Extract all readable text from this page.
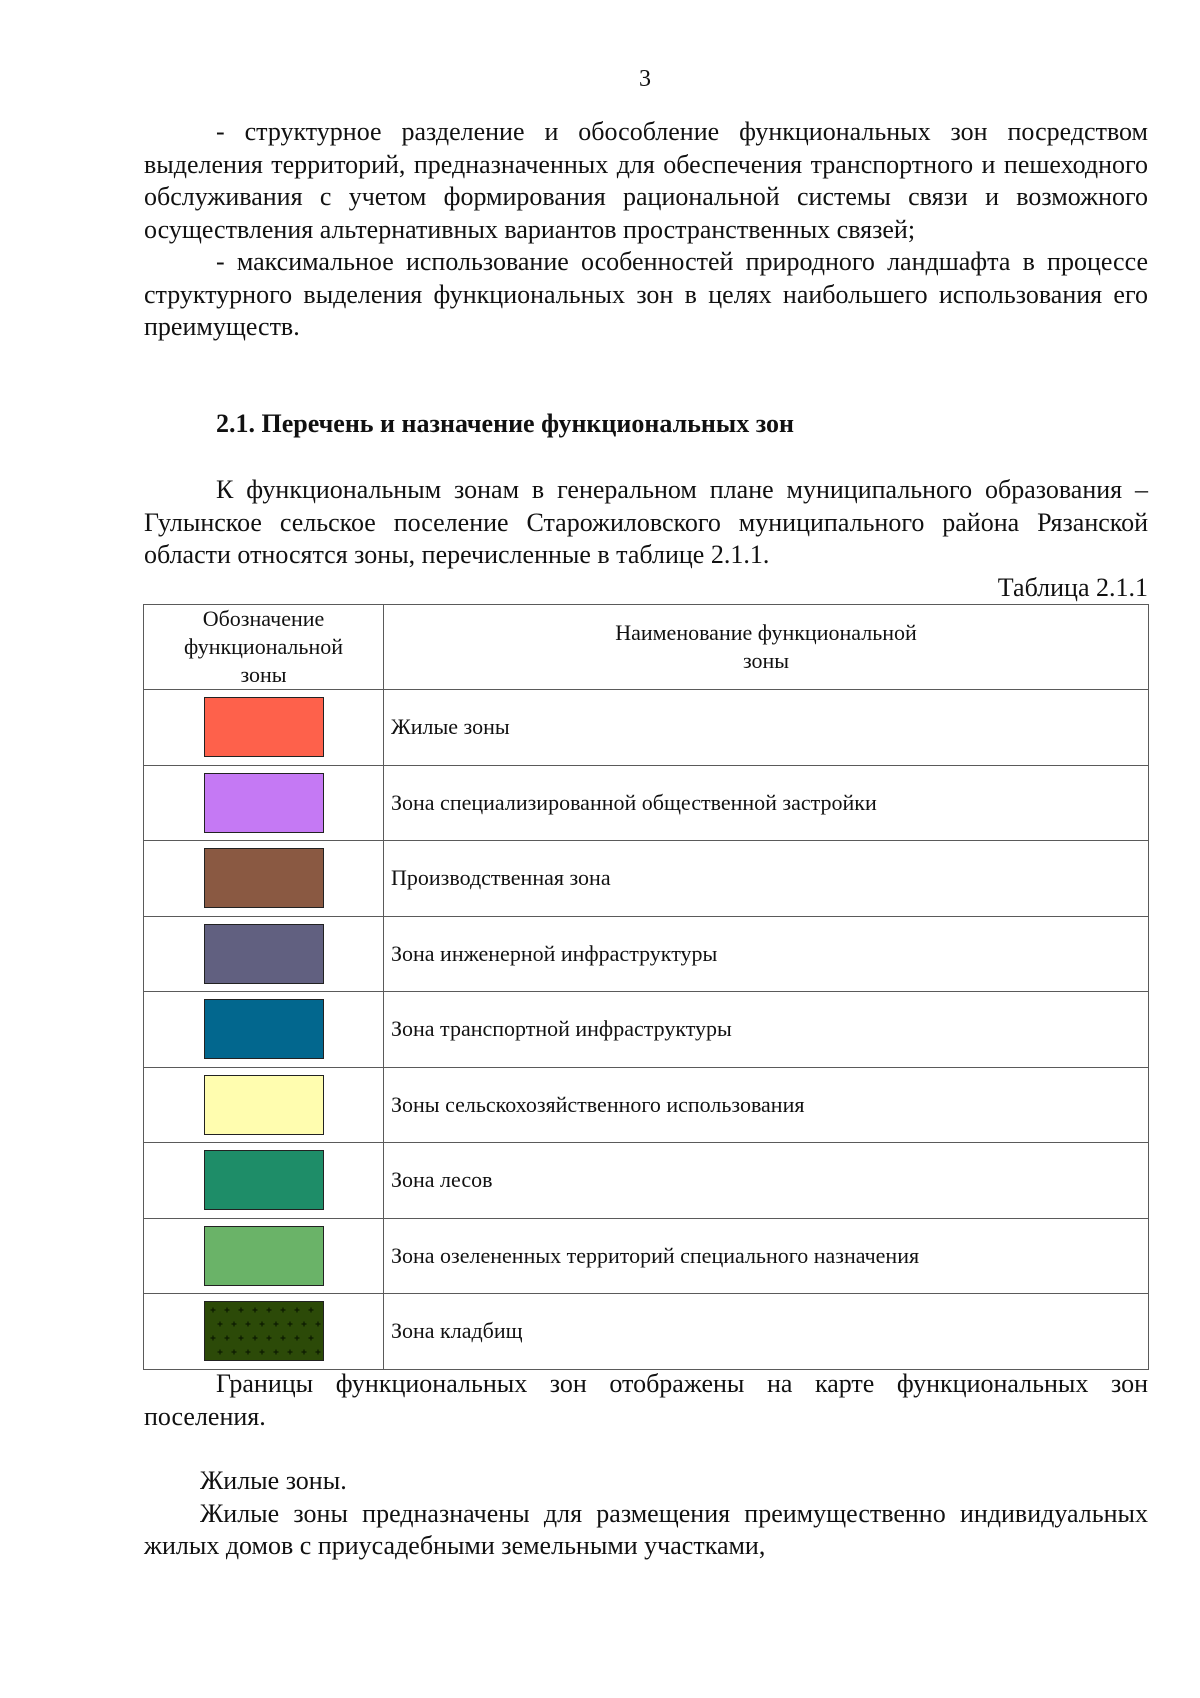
3

- структурное разделение и обособление функциональных зон посредством выделения территорий, предназначенных для обеспечения транспортного и пешеходного обслуживания с учетом формирования рациональной системы связи и возможного осуществления альтернативных вариантов пространственных связей;

- максимальное использование особенностей природного ландшафта в процессе структурного выделения функциональных зон в целях наибольшего использования его преимуществ.

2.1. Перечень и назначение функциональных зон

К функциональным зонам в генеральном плане муниципального образования – Гулынское сельское поселение Старожиловского муниципального района Рязанской области относятся зоны, перечисленные в таблице 2.1.1.

Таблица 2.1.1
Обозначение функциональной зоны	Наименование функциональной зоны
	Жилые зоны
	Зона специализированной общественной застройки
	Производственная зона
	Зона инженерной инфраструктуры
	Зона транспортной инфраструктуры
	Зоны сельскохозяйственного использования
	Зона лесов
	Зона озелененных территорий специального назначения

	Зона кладбищ

Границы функциональных зон отображены на карте функциональных зон поселения.

Жилые зоны.

Жилые зоны предназначены для размещения преимущественно индивидуальных жилых домов с приусадебными земельными участками,
